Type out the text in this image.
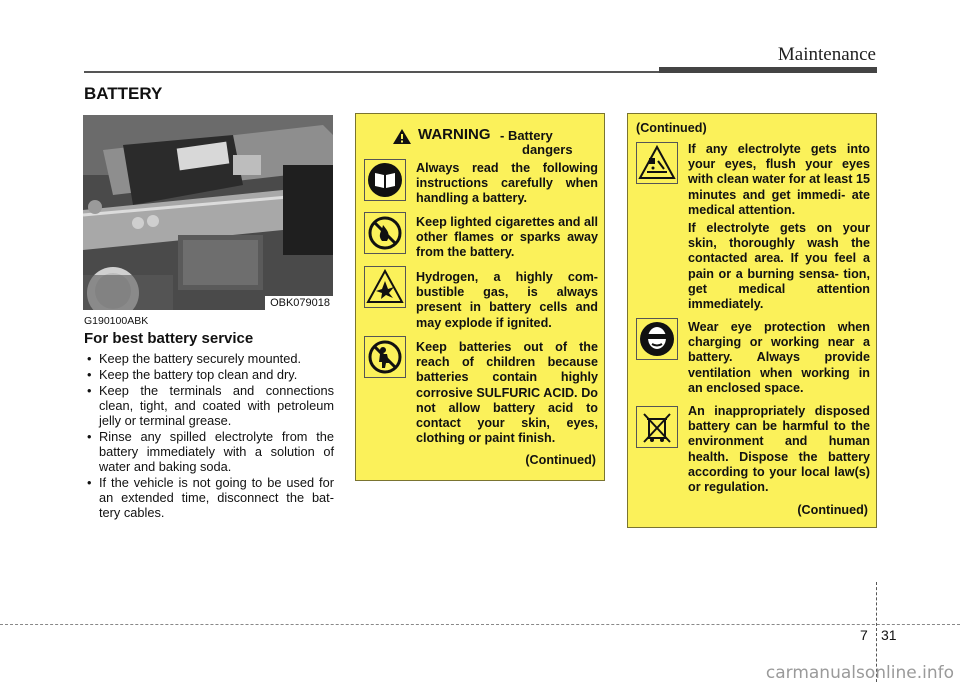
Maintenance
BATTERY
OBK079018
G190100ABK
For best battery service
• Keep the battery securely mounted.
• Keep the battery top clean and dry.
• Keep the terminals and connections clean, tight, and coated with petroleum jelly or terminal grease.
• Rinse any spilled electrolyte from the battery immediately with a solution of water and baking soda.
• If the vehicle is not going to be used for an extended time, disconnect the bat- tery cables.
WARNING - Battery
dangers
Always read the following instructions carefully when handling a battery.
Keep lighted cigarettes and all other flames or sparks away from the battery.
Hydrogen, a highly com- bustible gas, is always present in battery cells and may explode if ignited.
Keep batteries out of the reach of children because batteries contain highly corrosive SULFURIC ACID. Do not allow battery acid to contact your skin, eyes, clothing or paint finish.
(Continued)
(Continued)
If any electrolyte gets into your eyes, flush your eyes with clean water for at least 15 minutes and get immedi- ate medical attention.
If electrolyte gets on your skin, thoroughly wash the contacted area. If you feel a pain or a burning sensa- tion, get medical attention immediately.
Wear eye protection when charging or working near a battery. Always provide ventilation when working in an enclosed space.
An inappropriately disposed battery can be harmful to the environment and human health. Dispose the battery according to your local law(s) or regulation.
(Continued)
7 31
carmanualsonline.info
